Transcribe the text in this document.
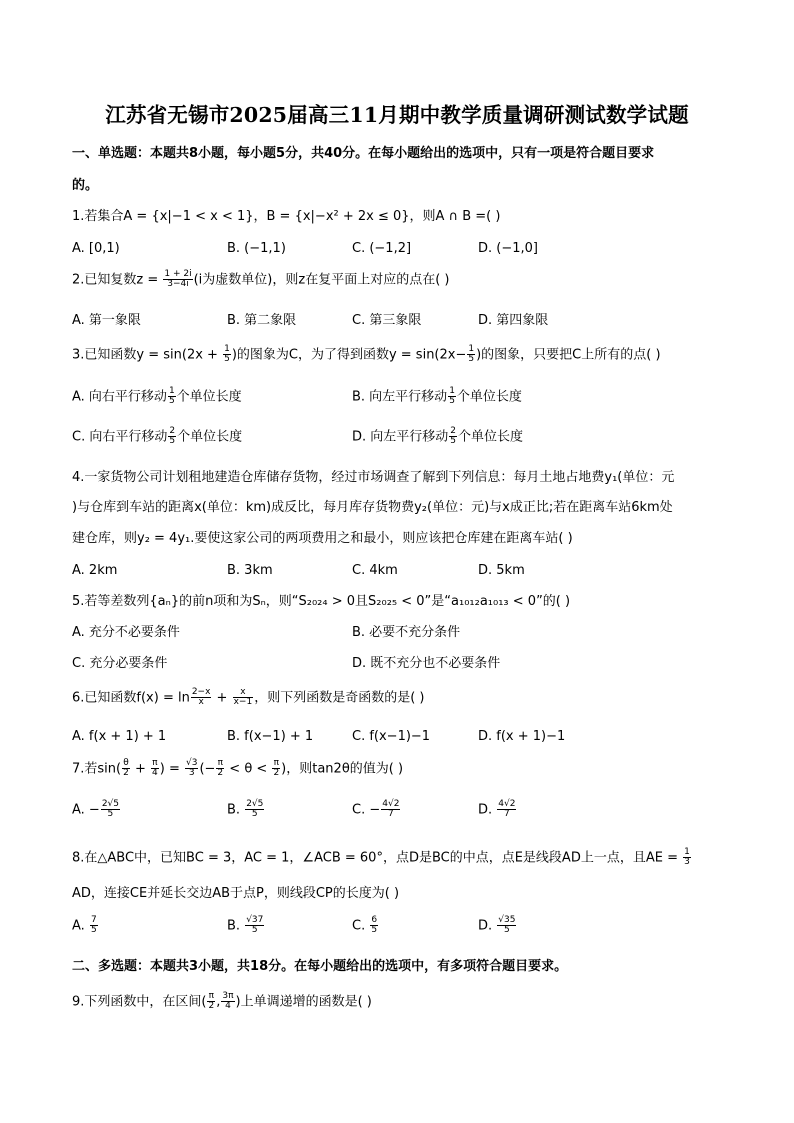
江苏省无锡市2025届高三11月期中教学质量调研测试数学试题
一、单选题：本题共8小题，每小题5分，共40分。在每小题给出的选项中，只有一项是符合题目要求
的。
1.若集合A = {x|−1 < x < 1}，B = {x|−x² + 2x ≤ 0}，则A ∩ B =( )
A. [0,1)	B. (−1,1)	C. (−1,2]	D. (−1,0]
2.已知复数$z = \frac{1 + 2i}{3-4i} (i$为虚数单位)，则z在复平面上对应的点在( )
A. 第一象限	B. 第二象限	C. 第三象限	D. 第四象限
3.已知函数$y = \sin(2x + \frac{1}{5}$ )的图象为C，为了得到函数$y = \sin(2x- \frac{1}{5}$ )的图象，只要把C上所有的点( )
A. 向右平行移动 $\frac{1}{5}$ 个单位长度	B. 向左平行移动 $\frac{1}{5}$ 个单位长度
C. 向右平行移动 $\frac{2}{5}$ 个单位长度	D. 向左平行移动 $\frac{2}{5}$ 个单位长度
4.一家货物公司计划租地建造仓库储存货物，经过市场调查了解到下列信息：每月土地占地费y₁(单位：元
)与仓库到车站的距离x(单位：km)成反比，每月库存货物费y₂(单位：元)与x成正比;若在距离车站6km处
建仓库，则y₂ = 4y₁.要使这家公司的两项费用之和最小，则应该把仓库建在距离车站( )
A. 2km	B. 3km	C. 4km	D. 5km
5.若等差数列{aₙ}的前n项和为Sₙ，则“S₂₀₂₄ > 0且S₂₀₂₅ < 0”是“a₁₀₁₂a₁₀₁₃ < 0”的( )
A. 充分不必要条件	B. 必要不充分条件
C. 充分必要条件	D. 既不充分也不必要条件
6.已知函数$f(x) = \ln \frac{2-x}{x} + \frac{x}{x-1}$ ，则下列函数是奇函数的是( )
A. f(x + 1) + 1	B. f(x−1) + 1	C. f(x−1)−1	D. f(x + 1)−1
7.若$\sin( \frac{\theta}{2} + \frac{\pi}{4}$ ) = $\frac{√3}{3}$ (− $\frac{\pi}{2} < \theta < \frac{\pi}{2}$ )，则tan2θ的值为( )
A. − $\frac{2√5}{5}$	B. $\frac{2√5}{5}$	C. − $\frac{4√2}{7}$	D. $\frac{4√2}{7}$
8.在△ABC中，已知BC = 3，AC = 1，∠ACB = 60°，点D是BC的中点，点E是线段AD上一点，且AE = $\frac{1}{3}$
AD，连接CE并延长交边AB于点P，则线段CP的长度为( )
A. $\frac{7}{5}$	B. $\frac{√37}{5}$	C. $\frac{6}{5}$	D. $\frac{√35}{5}$
二、多选题：本题共3小题，共18分。在每小题给出的选项中，有多项符合题目要求。
9.下列函数中，在区间( $\frac{\pi}{2}$ , $\frac{3\pi}{4}$ )上单调递增的函数是( )
